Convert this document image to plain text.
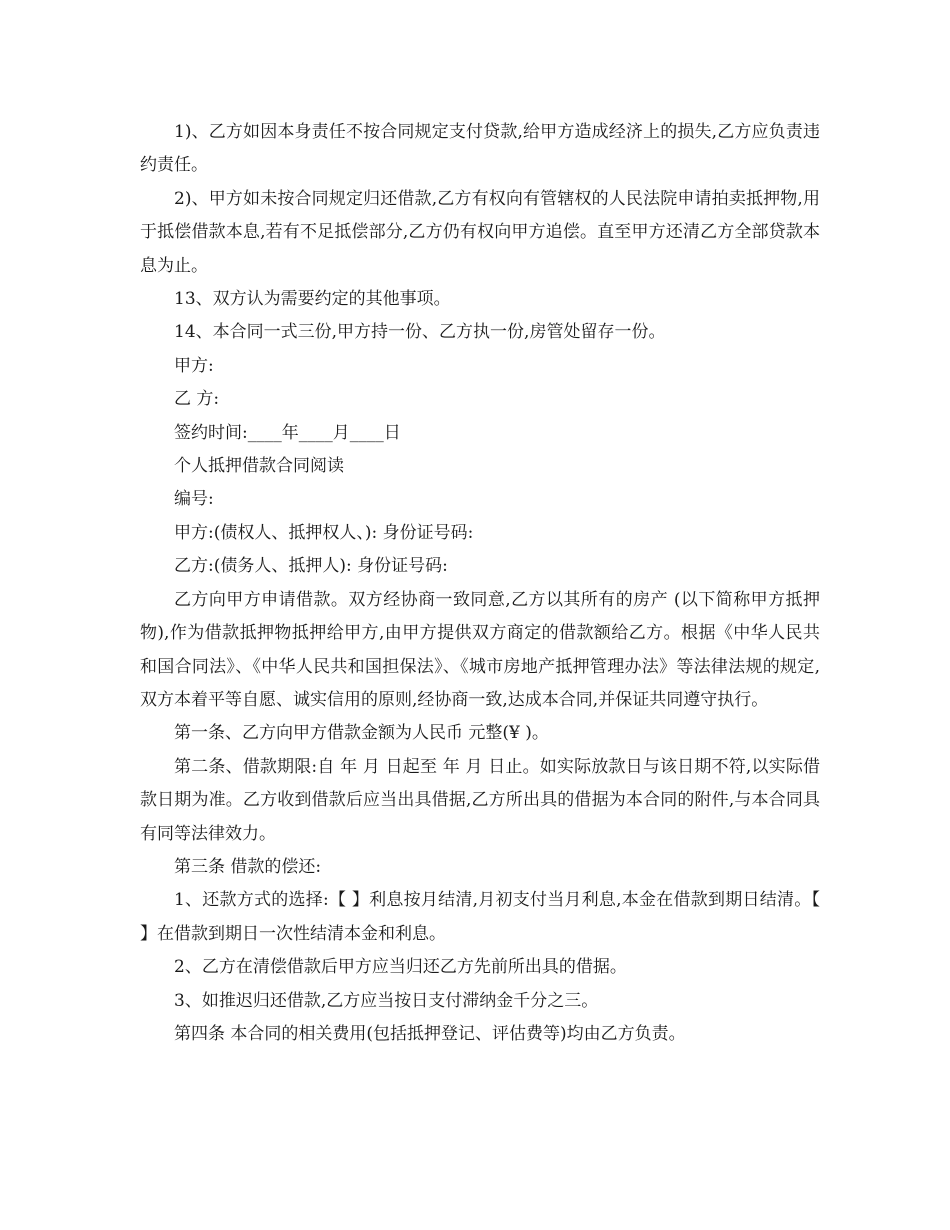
1)、乙方如因本身责任不按合同规定支付贷款,给甲方造成经济上的损失,乙方应负责违约责任。

2)、甲方如未按合同规定归还借款,乙方有权向有管辖权的人民法院申请拍卖抵押物,用于抵偿借款本息,若有不足抵偿部分,乙方仍有权向甲方追偿。直至甲方还清乙方全部贷款本息为止。

13、双方认为需要约定的其他事项。

14、本合同一式三份,甲方持一份、乙方执一份,房管处留存一份。

甲方:

乙 方:

签约时间:____年____月____日

个人抵押借款合同阅读

编号:

甲方:(债权人、抵押权人、): 身份证号码:

乙方:(债务人、抵押人): 身份证号码:

乙方向甲方申请借款。双方经协商一致同意,乙方以其所有的房产 (以下简称甲方抵押物),作为借款抵押物抵押给甲方,由甲方提供双方商定的借款额给乙方。根据《中华人民共和国合同法》、《中华人民共和国担保法》、《城市房地产抵押管理办法》等法律法规的规定,双方本着平等自愿、诚实信用的原则,经协商一致,达成本合同,并保证共同遵守执行。

第一条、乙方向甲方借款金额为人民币 元整(¥ )。

第二条、借款期限:自 年 月 日起至 年 月 日止。如实际放款日与该日期不符,以实际借款日期为准。乙方收到借款后应当出具借据,乙方所出具的借据为本合同的附件,与本合同具有同等法律效力。

第三条 借款的偿还:

1、还款方式的选择:【 】利息按月结清,月初支付当月利息,本金在借款到期日结清。【 】在借款到期日一次性结清本金和利息。

2、乙方在清偿借款后甲方应当归还乙方先前所出具的借据。

3、如推迟归还借款,乙方应当按日支付滞纳金千分之三。

第四条 本合同的相关费用(包括抵押登记、评估费等)均由乙方负责。
